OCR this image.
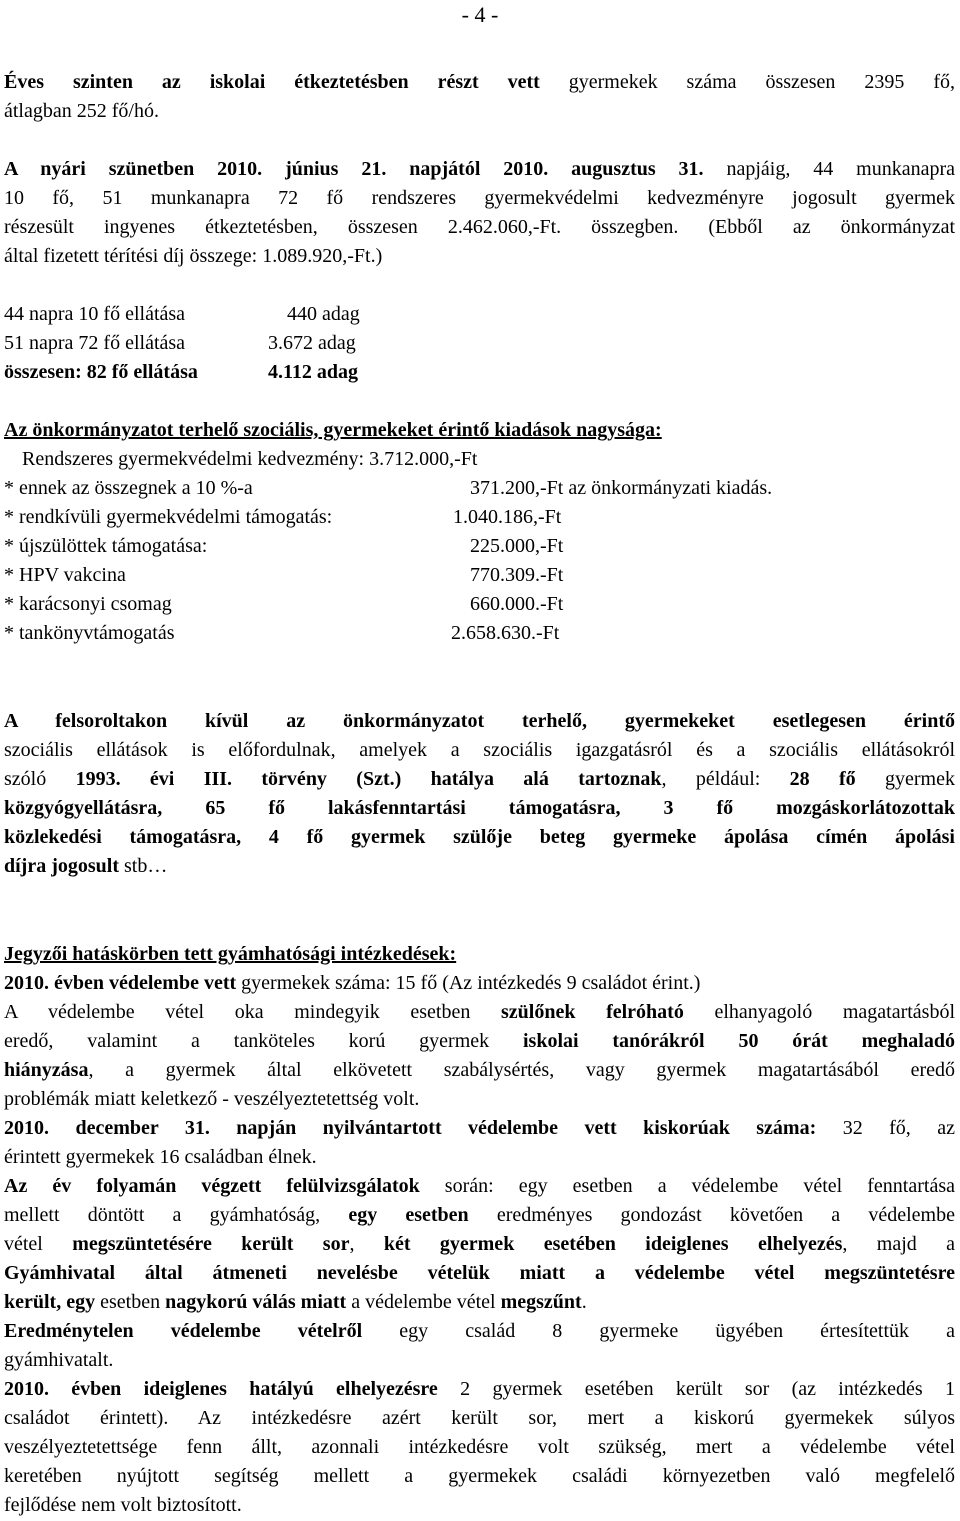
- 4 -
Éves szinten az iskolai étkeztetésben részt vett gyermekek száma összesen 2395 fő,
átlagban 252 fő/hó.
A nyári szünetben 2010. június 21. napjától 2010. augusztus 31. napjáig, 44 munkanapra
10 fő, 51 munkanapra 72 fő rendszeres gyermekvédelmi kedvezményre jogosult gyermek
részesült ingyenes étkeztetésben, összesen 2.462.060,-Ft. összegben. (Ebből az önkormányzat
által fizetett térítési díj összege: 1.089.920,-Ft.)
44 napra 10 fő ellátása	440 adag
51 napra 72 fő ellátása	3.672 adag
összesen: 82 fő ellátása	4.112 adag
Az önkormányzatot terhelő szociális, gyermekeket érintő kiadások nagysága:
Rendszeres gyermekvédelmi kedvezmény: 3.712.000,-Ft
* ennek az összegnek a 10 %-a	371.200,-Ft az önkormányzati kiadás.
* rendkívüli gyermekvédelmi támogatás:	1.040.186,-Ft
* újszülöttek támogatása:	225.000,-Ft
* HPV vakcina	770.309.-Ft
* karácsonyi csomag	660.000.-Ft
* tankönyvtámogatás	2.658.630.-Ft
A felsoroltakon kívül az önkormányzatot terhelő, gyermekeket esetlegesen érintő
szociális ellátások is előfordulnak, amelyek a szociális igazgatásról és a szociális ellátásokról
szóló 1993. évi III. törvény (Szt.) hatálya alá tartoznak, például: 28 fő gyermek
közgyógyellátásra, 65 fő lakásfenntartási támogatásra, 3 fő mozgáskorlátozottak
közlekedési támogatásra, 4 fő gyermek szülője beteg gyermeke ápolása címén ápolási
díjra jogosult stb…
Jegyzői hatáskörben tett gyámhatósági intézkedések:
2010. évben védelembe vett gyermekek száma: 15 fő (Az intézkedés 9 családot érint.)
A védelembe vétel oka mindegyik esetben szülőnek felróható elhanyagoló magatartásból
eredő, valamint a tanköteles korú gyermek iskolai tanórákról 50 órát meghaladó
hiányzása, a gyermek által elkövetett szabálysértés, vagy gyermek magatartásából eredő
problémák miatt keletkező - veszélyeztetettség volt.
2010. december 31. napján nyilvántartott védelembe vett kiskorúak száma: 32 fő, az
érintett gyermekek 16 családban élnek.
Az év folyamán végzett felülvizsgálatok során: egy esetben a védelembe vétel fenntartása
mellett döntött a gyámhatóság, egy esetben eredményes gondozást követően a védelembe
vétel megszüntetésére került sor, két gyermek esetében ideiglenes elhelyezés, majd a
Gyámhivatal által átmeneti nevelésbe vételük miatt a védelembe vétel megszüntetésre
került, egy esetben nagykorú válás miatt a védelembe vétel megszűnt.
Eredménytelen védelembe vételről egy család 8 gyermeke ügyében értesítettük a
gyámhivatalt.
2010. évben ideiglenes hatályú elhelyezésre 2 gyermek esetében került sor (az intézkedés 1
családot érintett). Az intézkedésre azért került sor, mert a kiskorú gyermekek súlyos
veszélyeztetettsége fenn állt, azonnali intézkedésre volt szükség, mert a védelembe vétel
keretében nyújtott segítség mellett a gyermekek családi környezetben való megfelelő
fejlődése nem volt biztosított.
